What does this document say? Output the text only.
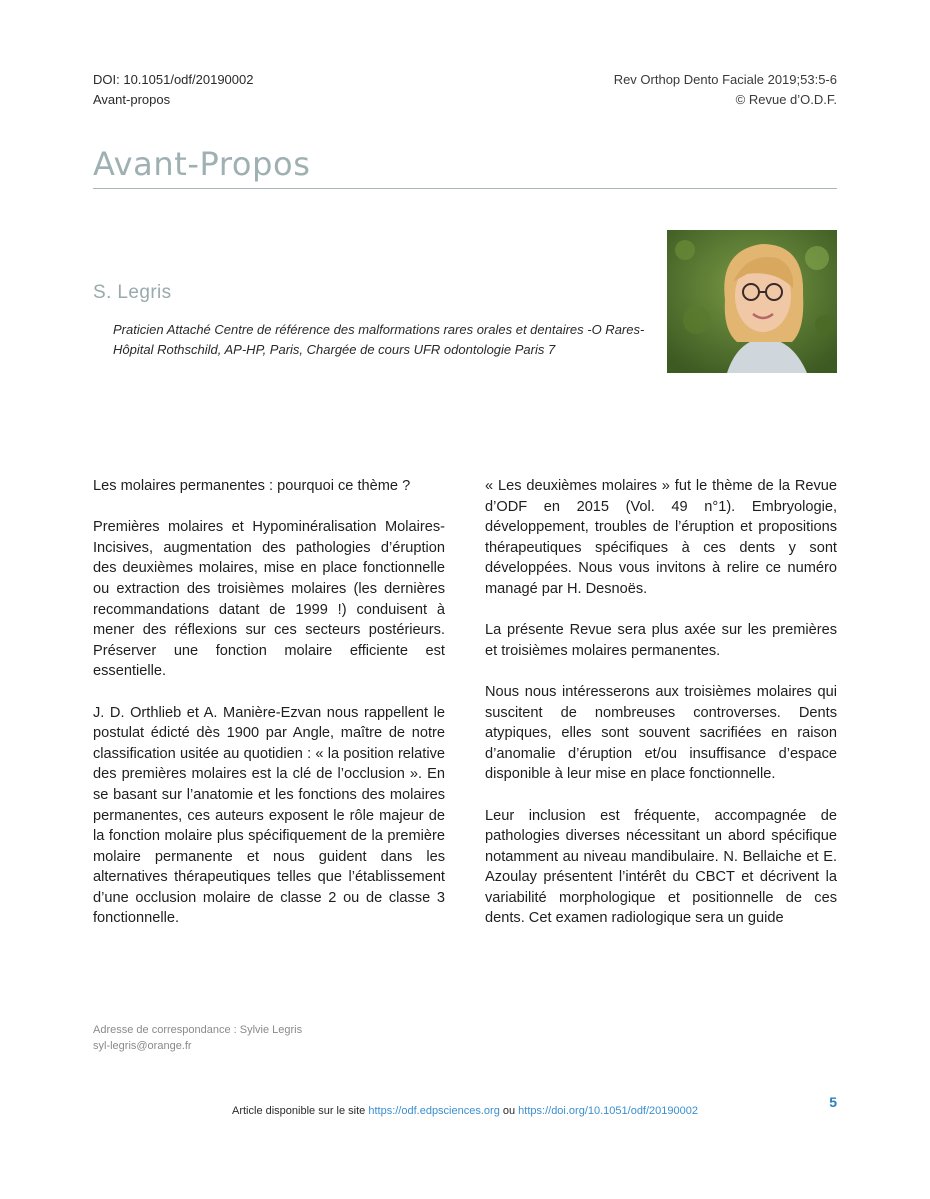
DOI: 10.1051/odf/20190002
Avant-propos
Rev Orthop Dento Faciale 2019;53:5-6
© Revue d’O.D.F.
Avant-Propos
S. Legris
Praticien Attaché Centre de référence des malformations rares orales et dentaires -O Rares-Hôpital Rothschild, AP-HP, Paris, Chargée de cours UFR odontologie Paris 7

Les molaires permanentes : pourquoi ce thème ?

Premières molaires et Hypominéralisation Molaires-Incisives, augmentation des pathologies d’éruption des deuxièmes molaires, mise en place fonctionnelle ou extraction des troisièmes molaires (les dernières recommandations datant de 1999 !) conduisent à mener des réflexions sur ces secteurs postérieurs. Préserver une fonction molaire efficiente est essentielle.

J. D. Orthlieb et A. Manière-Ezvan nous rappellent le postulat édicté dès 1900 par Angle, maître de notre classification usitée au quotidien : « la position relative des premières molaires est la clé de l’occlusion ». En se basant sur l’anatomie et les fonctions des molaires permanentes, ces auteurs exposent le rôle majeur de la fonction molaire plus spécifiquement de la première molaire permanente et nous guident dans les alternatives thérapeutiques telles que l’établissement d’une occlusion molaire de classe 2 ou de classe 3 fonctionnelle.

« Les deuxièmes molaires » fut le thème de la Revue d’ODF en 2015 (Vol. 49 n°1). Embryologie, développement, troubles de l’éruption et propositions thérapeutiques spécifiques à ces dents y sont développées. Nous vous invitons à relire ce numéro managé par H. Desnoës.

La présente Revue sera plus axée sur les premières et troisièmes molaires permanentes.

Nous nous intéresserons aux troisièmes molaires qui suscitent de nombreuses controverses. Dents atypiques, elles sont souvent sacrifiées en raison d’anomalie d’éruption et/ou insuffisance d’espace disponible à leur mise en place fonctionnelle.

Leur inclusion est fréquente, accompagnée de pathologies diverses nécessitant un abord spécifique notamment au niveau mandibulaire. N. Bellaiche et E. Azoulay présentent l’intérêt du CBCT et décrivent la variabilité morphologique et positionnelle de ces dents. Cet examen radiologique sera un guide

Adresse de correspondance : Sylvie Legris
syl-legris@orange.fr
5
Article disponible sur le site https://odf.edpsciences.org ou https://doi.org/10.1051/odf/20190002
